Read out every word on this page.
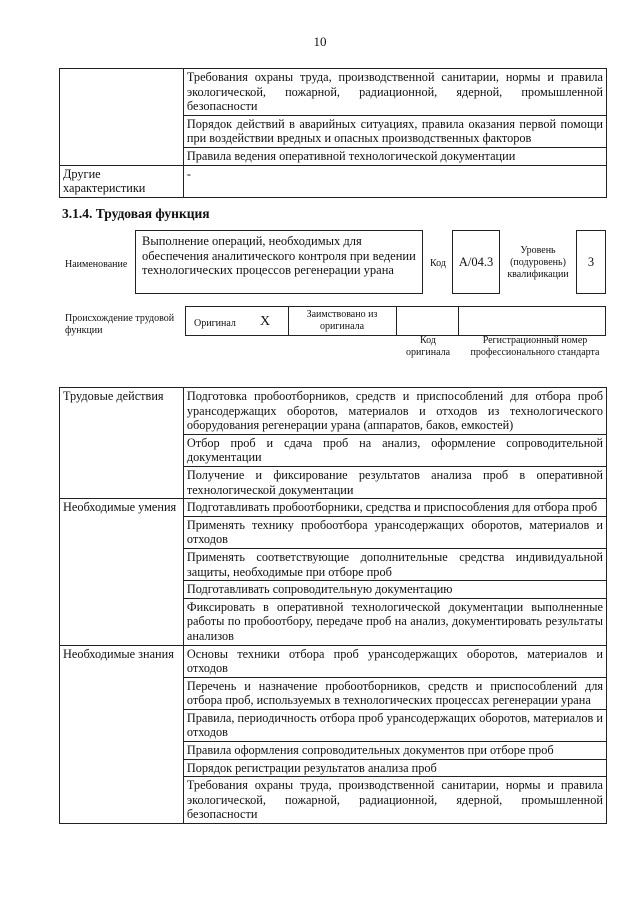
10
	Требования охраны труда, производственной санитарии, нормы и правила экологической, пожарной, радиационной, ядерной, промышленной безопасности
	Порядок действий в аварийных ситуациях, правила оказания первой помощи при воздействии вредных и опасных производственных факторов
	Правила ведения оперативной технологической документации
Другие характеристики	-
3.1.4. Трудовая функция
Наименование
Выполнение операций, необходимых для обеспечения аналитического контроля при ведении технологических процессов регенерации урана	Код A/04.3
Уровень (подуровень) квалификации
3
Происхождение трудовой функции
Оригинал X	Заимствовано из оригинала
Код оригинала
Регистрационный номер профессионального стандарта
Трудовые действия	Подготовка пробоотборников, средств и приспособлений для отбора проб урансодержащих оборотов, материалов и отходов из технологического оборудования регенерации урана (аппаратов, баков, емкостей)
	Отбор проб и сдача проб на анализ, оформление сопроводительной документации
	Получение и фиксирование результатов анализа проб в оперативной технологической документации
Необходимые умения	Подготавливать пробоотборники, средства и приспособления для отбора проб
	Применять технику пробоотбора урансодержащих оборотов, материалов и отходов
	Применять соответствующие дополнительные средства индивидуальной защиты, необходимые при отборе проб
	Подготавливать сопроводительную документацию
	Фиксировать в оперативной технологической документации выполненные работы по пробоотбору, передаче проб на анализ, документировать результаты анализов
Необходимые знания	Основы техники отбора проб урансодержащих оборотов, материалов и отходов
	Перечень и назначение пробоотборников, средств и приспособлений для отбора проб, используемых в технологических процессах регенерации урана
	Правила, периодичность отбора проб урансодержащих оборотов, материалов и отходов
	Правила оформления сопроводительных документов при отборе проб
	Порядок регистрации результатов анализа проб
	Требования охраны труда, производственной санитарии, нормы и правила экологической, пожарной, радиационной, ядерной, промышленной безопасности
